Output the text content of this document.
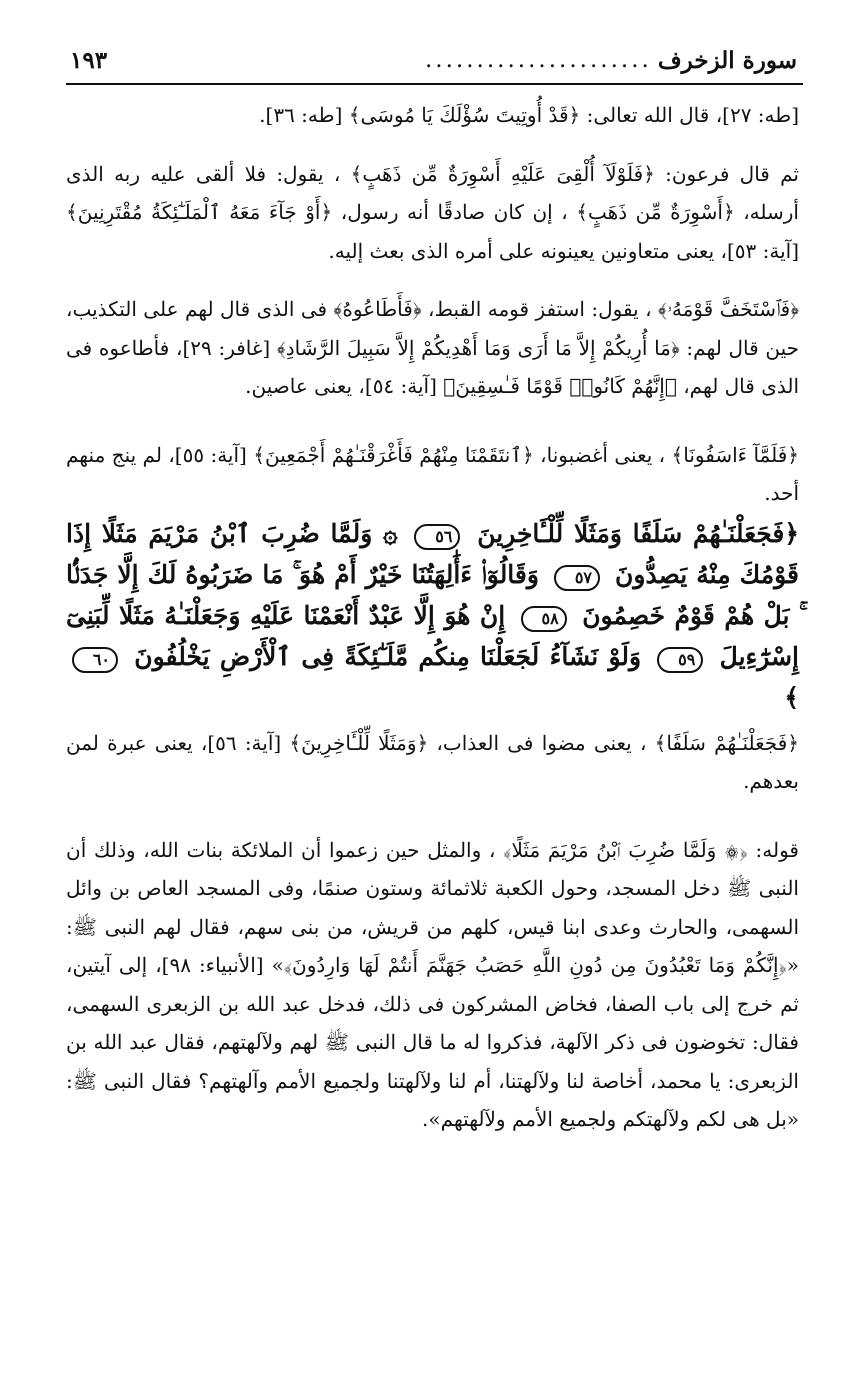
سورة الزخرف
......................
١٩٣

[طه: ٢٧]، قال الله تعالى: ﴿قَدْ أُوتِيتَ سُؤْلَكَ يَا مُوسَى﴾ [طه: ٣٦].

ثم قال فرعون: ﴿فَلَوْلَآ أُلْقِىَ عَلَيْهِ أَسْوِرَةٌ مِّن ذَهَبٍ﴾ ، يقول: فلا ألقى عليه ربه الذى أرسله، ﴿أَسْوِرَةٌ مِّن ذَهَبٍ﴾ ، إن كان صادقًا أنه رسول، ﴿أَوْ جَآءَ مَعَهُ ٱلْمَلَـٰٓئِكَةُ مُقْتَرِنِينَ﴾ [آية: ٥٣]، يعنى متعاونين يعينونه على أمره الذى بعث إليه.

﴿فَٱسْتَخَفَّ قَوْمَهُۥ﴾ ، يقول: استفز قومه القبط، ﴿فَأَطَاعُوهُ﴾ فى الذى قال لهم على التكذيب، حين قال لهم: ﴿مَا أُرِيكُمْ إِلاَّ مَا أَرَى وَمَا أَهْدِيكُمْ إِلاَّ سَبِيلَ الرَّشَادِ﴾ [غافر: ٢٩]، فأطاعوه فى الذى قال لهم، ﴿إِنَّهُمْ كَانُوا۟ قَوْمًا فَـٰسِقِينَ﴾ [آية: ٥٤]، يعنى عاصين.

﴿فَلَمَّآ ءَاسَفُونَا﴾ ، يعنى أغضبونا، ﴿ٱنتَقَمْنَا مِنْهُمْ فَأَغْرَقْنَـٰهُمْ أَجْمَعِينَ﴾ [آية: ٥٥]، لم ينج منهم أحد.

﴿فَجَعَلْنَـٰهُمْ سَلَفًا وَمَثَلًا لِّلْـَٔاخِرِينَ ٥٦ ۞ وَلَمَّا ضُرِبَ ٱبْنُ مَرْيَمَ مَثَلًا إِذَا قَوْمُكَ مِنْهُ يَصِدُّونَ ٥٧ وَقَالُوٓا۟ ءَأَٰلِهَتُنَا خَيْرٌ أَمْ هُوَ ۚ مَا ضَرَبُوهُ لَكَ إِلَّا جَدَلًۢا ۚ بَلْ هُمْ قَوْمٌ خَصِمُونَ ٥٨ إِنْ هُوَ إِلَّا عَبْدٌ أَنْعَمْنَا عَلَيْهِ وَجَعَلْنَـٰهُ مَثَلًا لِّبَنِىٓ إِسْرَٰٓءِيلَ ٥٩ وَلَوْ نَشَآءُ لَجَعَلْنَا مِنكُم مَّلَـٰٓئِكَةً فِى ٱلْأَرْضِ يَخْلُفُونَ ٦٠ ﴾

﴿فَجَعَلْنَـٰهُمْ سَلَفًا﴾ ، يعنى مضوا فى العذاب، ﴿وَمَثَلًا لِّلْـَٔاخِرِينَ﴾ [آية: ٥٦]، يعنى عبرة لمن بعدهم.

قوله: ﴿۞ وَلَمَّا ضُرِبَ ٱبْنُ مَرْيَمَ مَثَلًا﴾ ، والمثل حين زعموا أن الملائكة بنات الله، وذلك أن النبى ﷺ دخل المسجد، وحول الكعبة ثلاثمائة وستون صنمًا، وفى المسجد العاص بن وائل السهمى، والحارث وعدى ابنا قيس، كلهم من قريش، من بنى سهم، فقال لهم النبى ﷺ: «﴿إِنَّكُمْ وَمَا تَعْبُدُونَ مِن دُونِ اللَّهِ حَصَبُ جَهَنَّمَ أَنتُمْ لَهَا وَارِدُونَ﴾» [الأنبياء: ٩٨]، إلى آيتين، ثم خرج إلى باب الصفا، فخاض المشركون فى ذلك، فدخل عبد الله بن الزبعرى السهمى، فقال: تخوضون فى ذكر الآلهة، فذكروا له ما قال النبى ﷺ لهم ولآلهتهم، فقال عبد الله بن الزبعرى: يا محمد، أخاصة لنا ولآلهتنا، أم لنا ولآلهتنا ولجميع الأمم وآلهتهم؟ فقال النبى ﷺ: «بل هى لكم ولآلهتكم ولجميع الأمم ولآلهتهم».
